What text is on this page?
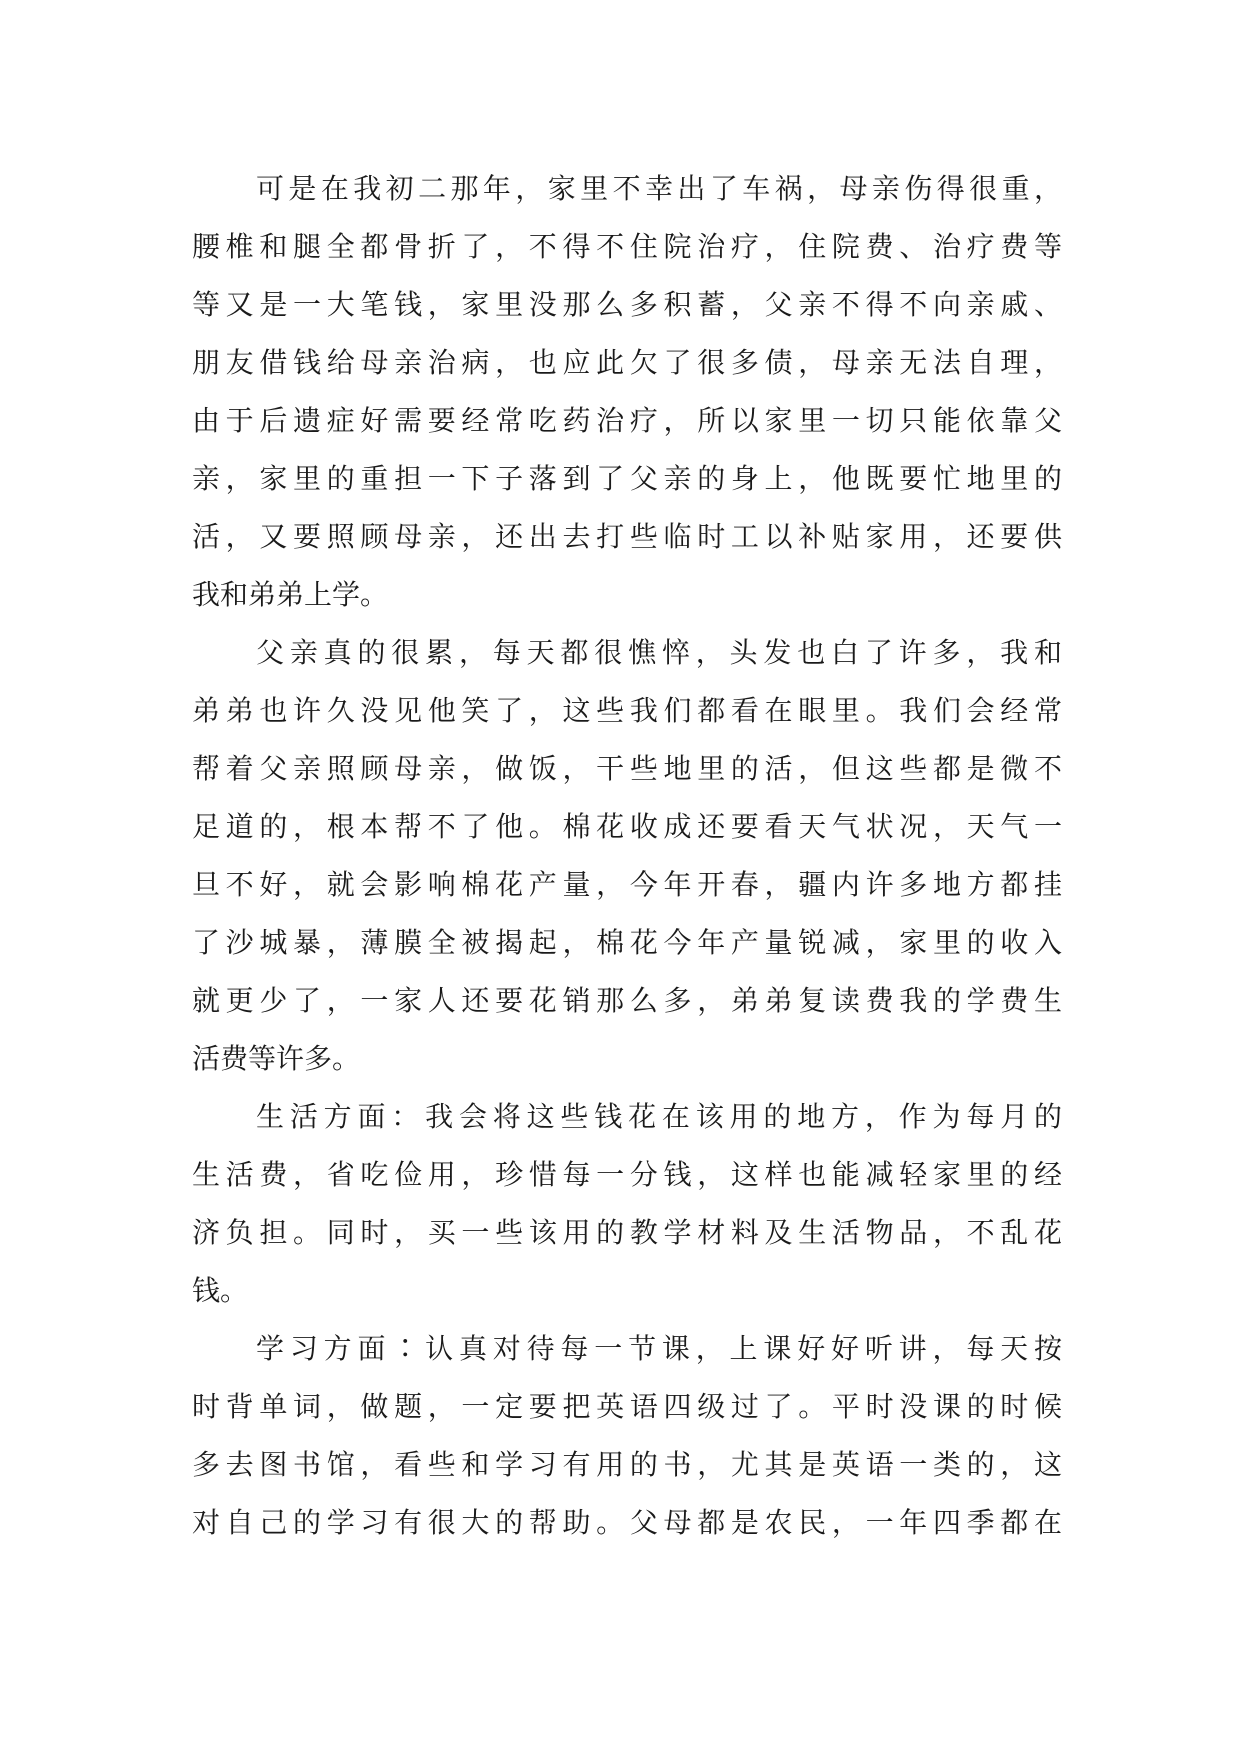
可是在我初二那年，家里不幸出了车祸，母亲伤得很重，
腰椎和腿全都骨折了，不得不住院治疗，住院费、治疗费等
等又是一大笔钱，家里没那么多积蓄，父亲不得不向亲戚、
朋友借钱给母亲治病，也应此欠了很多债，母亲无法自理，
由于后遗症好需要经常吃药治疗，所以家里一切只能依靠父
亲，家里的重担一下子落到了父亲的身上，他既要忙地里的
活，又要照顾母亲，还出去打些临时工以补贴家用，还要供
我和弟弟上学。
父亲真的很累，每天都很憔悴，头发也白了许多，我和
弟弟也许久没见他笑了，这些我们都看在眼里。我们会经常
帮着父亲照顾母亲，做饭，干些地里的活，但这些都是微不
足道的，根本帮不了他。棉花收成还要看天气状况，天气一
旦不好，就会影响棉花产量，今年开春，疆内许多地方都挂
了沙城暴，薄膜全被揭起，棉花今年产量锐减，家里的收入
就更少了，一家人还要花销那么多，弟弟复读费我的学费生
活费等许多。
生活方面：我会将这些钱花在该用的地方，作为每月的
生活费，省吃俭用，珍惜每一分钱，这样也能减轻家里的经
济负担。同时，买一些该用的教学材料及生活物品，不乱花
钱。
学习方面∶认真对待每一节课，上课好好听讲，每天按
时背单词，做题，一定要把英语四级过了。平时没课的时候
多去图书馆，看些和学习有用的书，尤其是英语一类的，这
对自己的学习有很大的帮助。父母都是农民，一年四季都在
